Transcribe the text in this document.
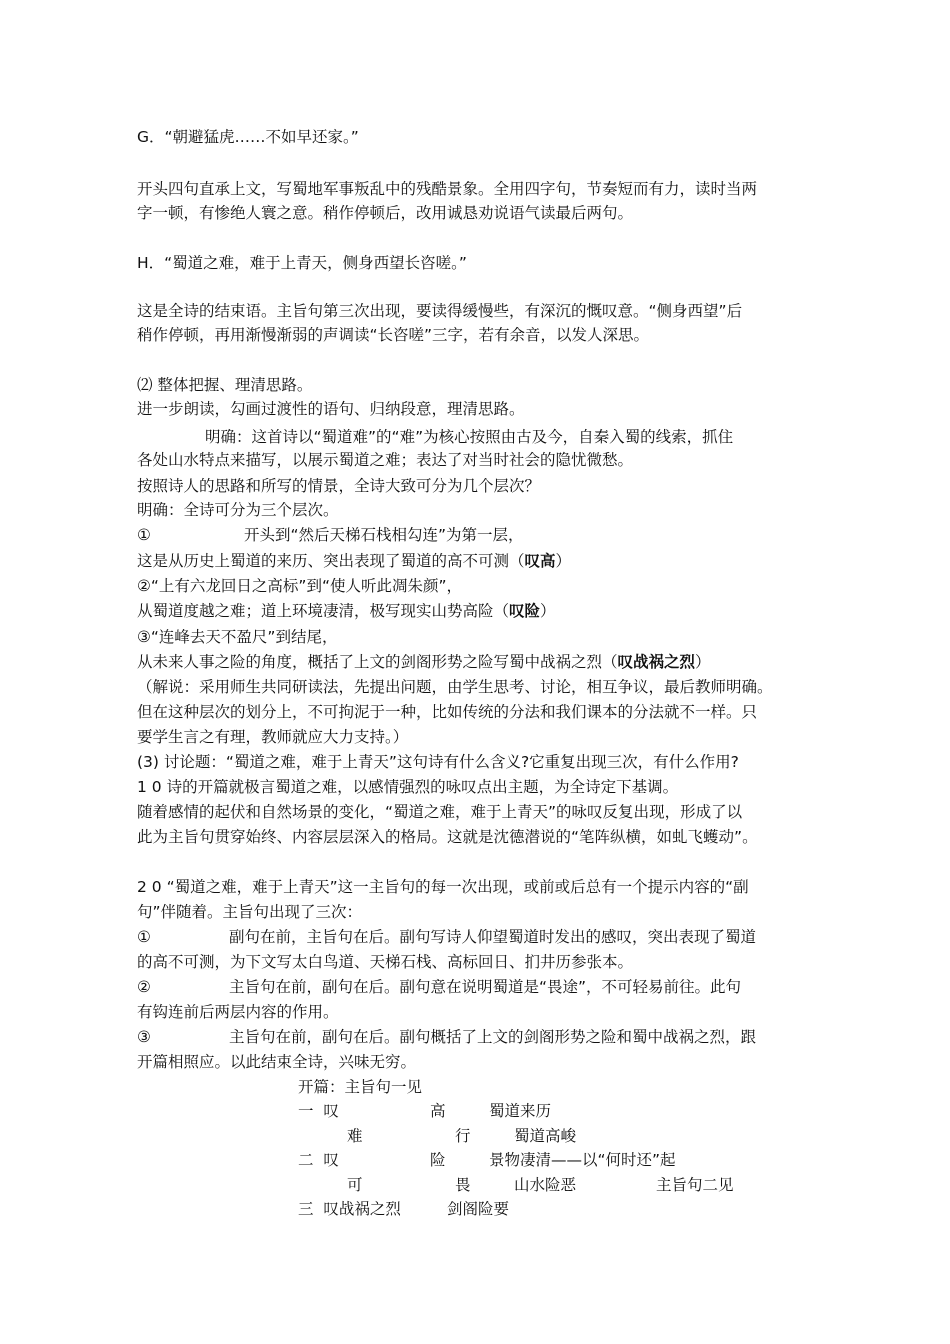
G．“朝避猛虎……不如早还家。”
开头四句直承上文，写蜀地军事叛乱中的残酷景象。全用四字句，节奏短而有力，读时当两
字一顿，有惨绝人寰之意。稍作停顿后，改用诚恳劝说语气读最后两句。
H．“蜀道之难，难于上青天，侧身西望长咨嗟。”
这是全诗的结束语。主旨句第三次出现，要读得缓慢些，有深沉的慨叹意。“侧身西望”后
稍作停顿，再用渐慢渐弱的声调读“长咨嗟”三字，若有余音，以发人深思。
⑵ 整体把握、理清思路。
进一步朗读，勾画过渡性的语句、归纳段意，理清思路。
明确：这首诗以“蜀道难”的“难”为核心按照由古及今，自秦入蜀的线索，抓住
各处山水特点来描写，以展示蜀道之难；表达了对当时社会的隐忧微愁。
按照诗人的思路和所写的情景，全诗大致可分为几个层次？
明确：全诗可分为三个层次。
①	开头到“然后天梯石栈相勾连”为第一层，
这是从历史上蜀道的来历、突出表现了蜀道的高不可测（叹高）
②“上有六龙回日之高标”到“使人听此凋朱颜”，
从蜀道度越之难；道上环境凄清，极写现实山势高险（叹险）
③“连峰去天不盈尺”到结尾，
从未来人事之险的角度，概括了上文的剑阁形势之险写蜀中战祸之烈（叹战祸之烈）
（解说：采用师生共同研读法，先提出问题，由学生思考、讨论，相互争议，最后教师明确。
但在这种层次的划分上，不可拘泥于一种，比如传统的分法和我们课本的分法就不一样。只
要学生言之有理，教师就应大力支持。）
(3) 讨论题：“蜀道之难，难于上青天”这句诗有什么含义?它重复出现三次，有什么作用?
1 0 诗的开篇就极言蜀道之难，以感情强烈的咏叹点出主题，为全诗定下基调。
随着感情的起伏和自然场景的变化，“蜀道之难，难于上青天”的咏叹反复出现，形成了以
此为主旨句贯穿始终、内容层层深入的格局。这就是沈德潜说的“笔阵纵横，如虬飞蠖动”。
2 0 “蜀道之难，难于上青天”这一主旨句的每一次出现，或前或后总有一个提示内容的“副
句”伴随着。主旨句出现了三次：
①	副句在前，主旨句在后。副句写诗人仰望蜀道时发出的感叹，突出表现了蜀道
的高不可测，为下文写太白鸟道、天梯石栈、高标回日、扪井历参张本。
②	主旨句在前，副句在后。副句意在说明蜀道是“畏途”，不可轻易前往。此句
有钩连前后两层内容的作用。
③	主旨句在前，副句在后。副句概括了上文的剑阁形势之险和蜀中战祸之烈，跟
开篇相照应。以此结束全诗，兴味无穷。
开篇：主旨句一见
一  叹	高	蜀道来历
难	行	蜀道高峻
二  叹	险	景物凄清——以“何时还”起
可	畏	山水险恶	主旨句二见
三  叹战祸之烈	剑阁险要
